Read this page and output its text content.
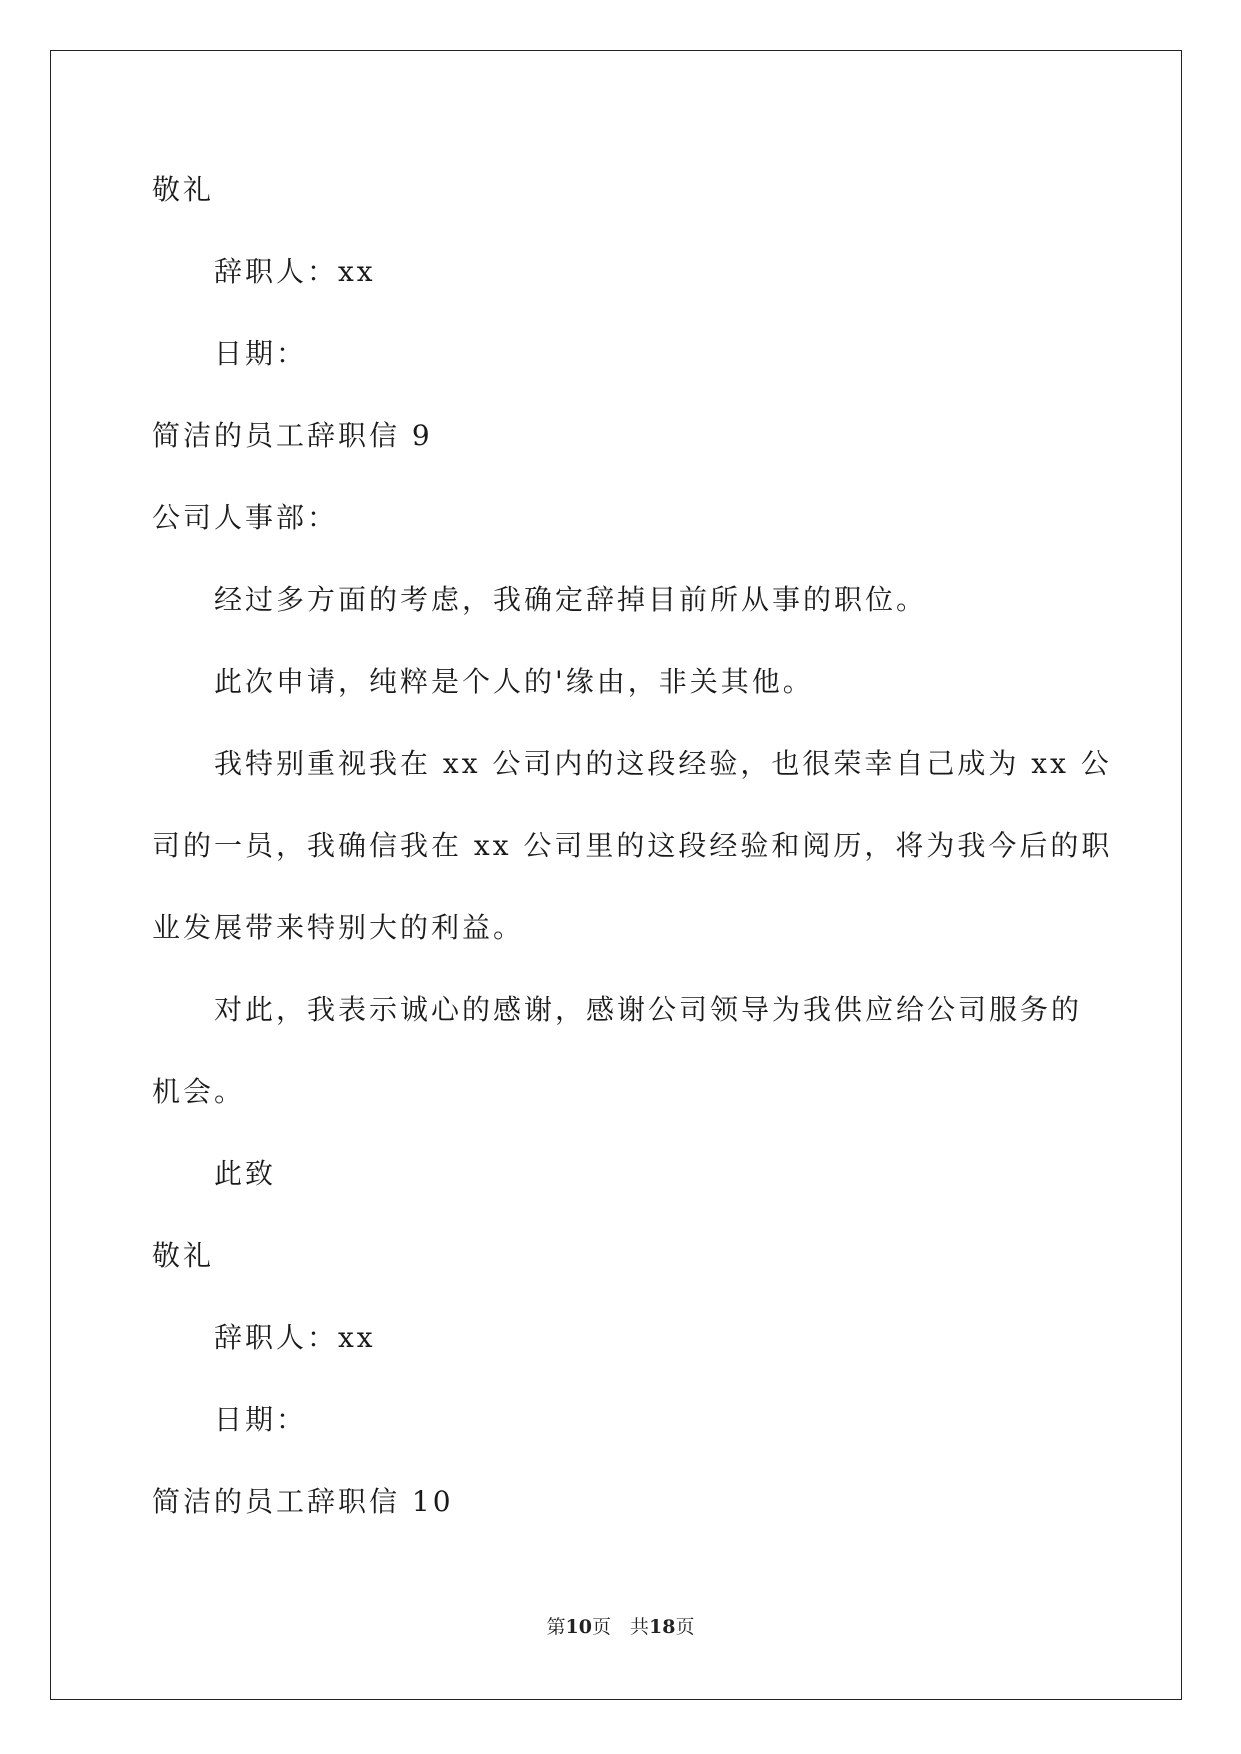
敬礼
辞职人：xx
日期：
简洁的员工辞职信 9
公司人事部：
经过多方面的考虑，我确定辞掉目前所从事的职位。
此次申请，纯粹是个人的'缘由，非关其他。
我特别重视我在 xx 公司内的这段经验，也很荣幸自己成为 xx 公
司的一员，我确信我在 xx 公司里的这段经验和阅历，将为我今后的职
业发展带来特别大的利益。
对此，我表示诚心的感谢，感谢公司领导为我供应给公司服务的
机会。
此致
敬礼
辞职人：xx
日期：
简洁的员工辞职信 10
第10页　共18页
